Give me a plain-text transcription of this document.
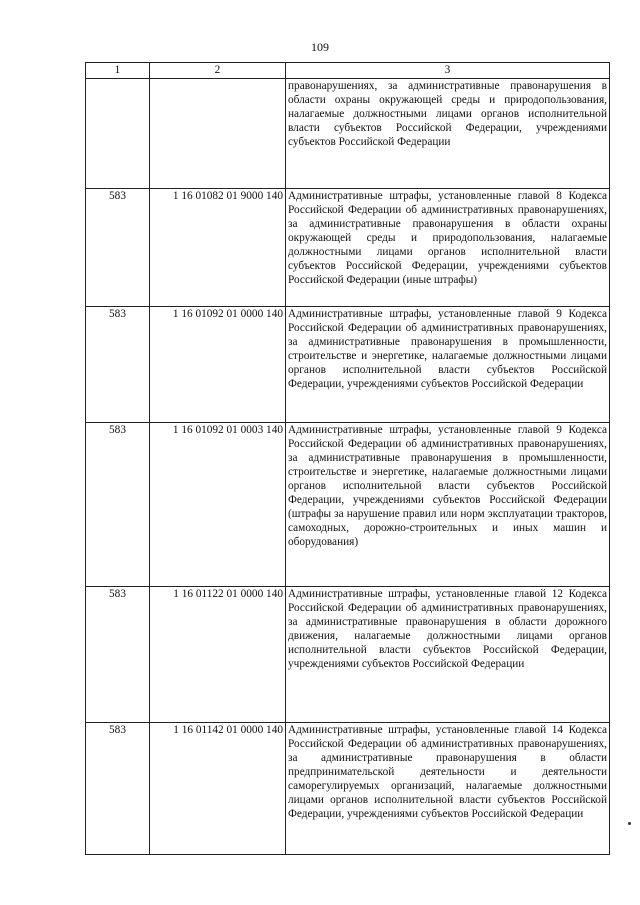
109
1	2	3
		правонарушениях, за административные правонарушения в области охраны окружающей среды и природопользования, налагаемые должностными лицами органов исполнительной власти субъектов Российской Федерации, учреждениями субъектов Российской Федерации
583	1 16 01082 01 9000 140	Административные штрафы, установленные главой 8 Кодекса Российской Федерации об административных правонарушениях, за административные правонарушения в области охраны окружающей среды и природопользования, налагаемые должностными лицами органов исполнительной власти субъектов Российской Федерации, учреждениями субъектов Российской Федерации (иные штрафы)
583	1 16 01092 01 0000 140	Административные штрафы, установленные главой 9 Кодекса Российской Федерации об административных правонарушениях, за административные правонарушения в промышленности, строительстве и энергетике, налагаемые должностными лицами органов исполнительной власти субъектов Российской Федерации, учреждениями субъектов Российской Федерации
583	1 16 01092 01 0003 140	Административные штрафы, установленные главой 9 Кодекса Российской Федерации об административных правонарушениях, за административные правонарушения в промышленности, строительстве и энергетике, налагаемые должностными лицами органов исполнительной власти субъектов Российской Федерации, учреждениями субъектов Российской Федерации (штрафы за нарушение правил или норм эксплуатации тракторов, самоходных, дорожно-строительных и иных машин и оборудования)
583	1 16 01122 01 0000 140	Административные штрафы, установленные главой 12 Кодекса Российской Федерации об административных правонарушениях, за административные правонарушения в области дорожного движения, налагаемые должностными лицами органов исполнительной власти субъектов Российской Федерации, учреждениями субъектов Российской Федерации
583	1 16 01142 01 0000 140	Административные штрафы, установленные главой 14 Кодекса Российской Федерации об административных правонарушениях, за административные правонарушения в области предпринимательской деятельности и деятельности саморегулируемых организаций, налагаемые должностными лицами органов исполнительной власти субъектов Российской Федерации, учреждениями субъектов Российской Федерации
